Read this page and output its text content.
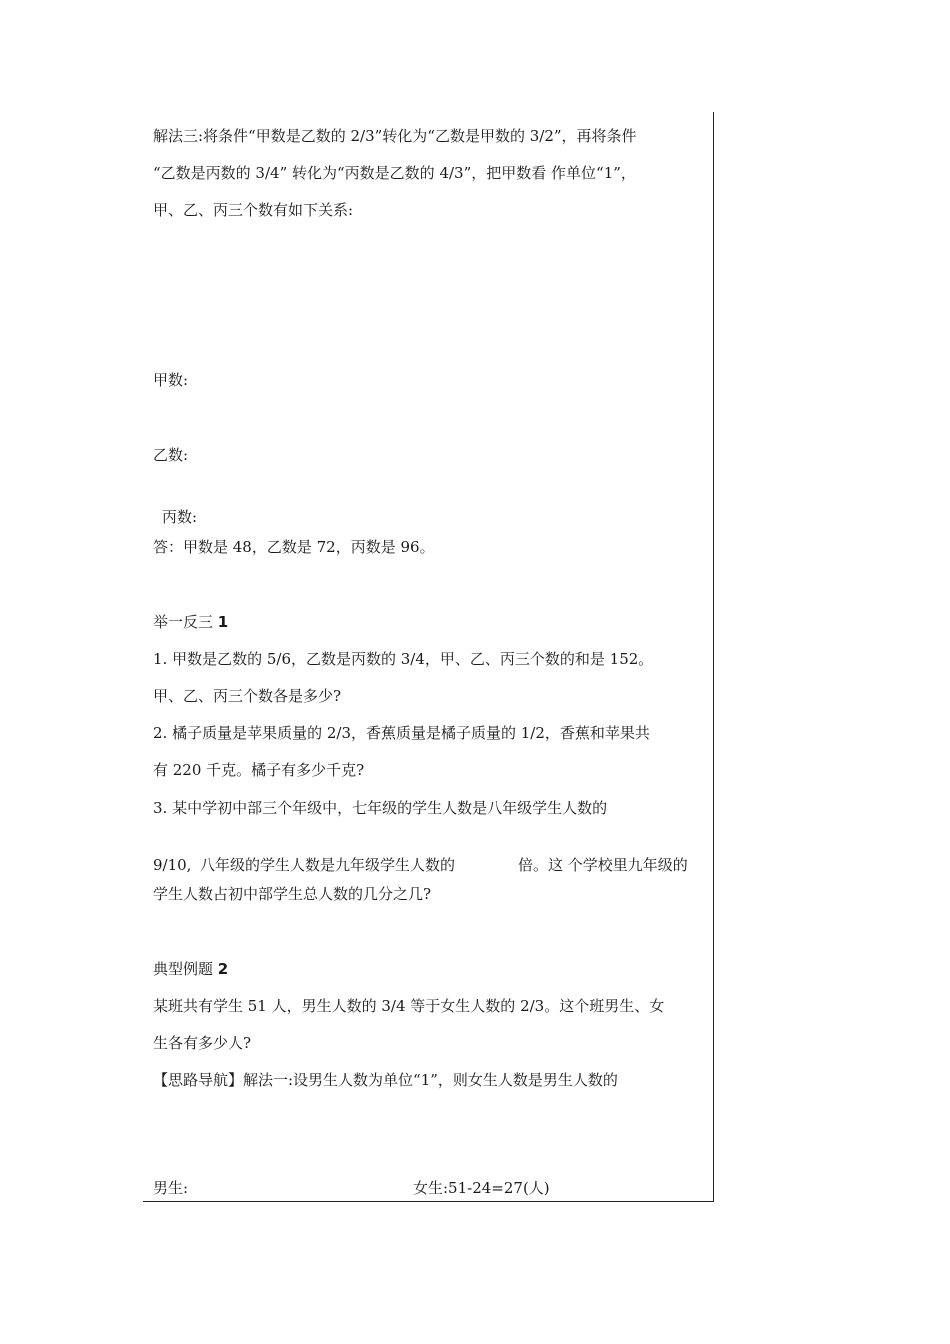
解法三:将条件“甲数是乙数的 2/3”转化为“乙数是甲数的 3/2”，再将条件
“乙数是丙数的 3/4” 转化为“丙数是乙数的 4/3”，把甲数看 作单位“1”，
甲、乙、丙三个数有如下关系:
甲数:
乙数:
丙数:
答：甲数是 48，乙数是 72，丙数是 96。
举一反三 1
1. 甲数是乙数的 5/6，乙数是丙数的 3/4，甲、乙、丙三个数的和是 152。
甲、乙、丙三个数各是多少?
2. 橘子质量是苹果质量的 2/3，香蕉质量是橘子质量的 1/2，香蕉和苹果共
有 220 千克。橘子有多少千克?
3. 某中学初中部三个年级中，七年级的学生人数是八年级学生人数的
9/10, 八年级的学生人数是九年级学生人数的	倍。这 个学校里九年级的
学生人数占初中部学生总人数的几分之几?
典型例题 2
某班共有学生 51 人，男生人数的 3/4 等于女生人数的 2/3。这个班男生、女
生各有多少人?
【思路导航】解法一:设男生人数为单位“1”，则女生人数是男生人数的
男生:	女生:51-24=27(人)
